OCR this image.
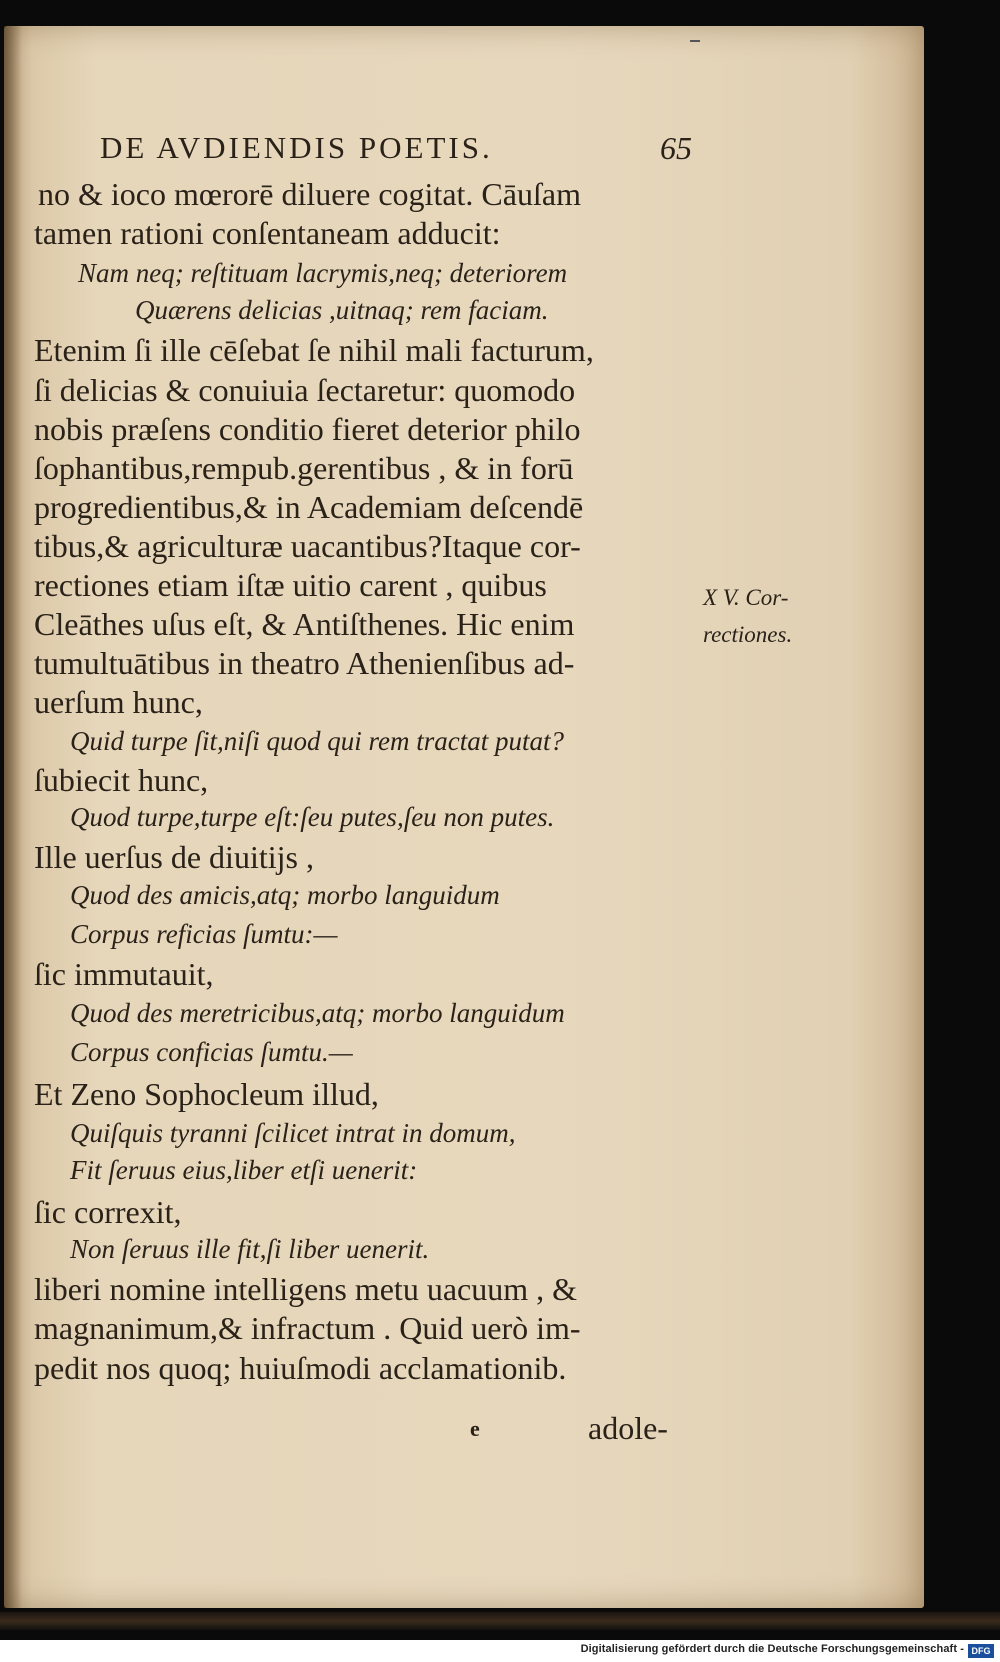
DE AVDIENDIS POETIS.	65
no & ioco mœrorē diluere cogitat. Cāuſam
tamen rationi conſentaneam adducit:
Nam neq; reſtituam lacrymis,neq; deteriorem
Quærens delicias ,uitnaq; rem faciam.
Etenim ſi ille cēſebat ſe nihil mali facturum,
ſi delicias & conuiuia ſectaretur: quomodo
nobis præſens conditio fieret deterior philo
ſophantibus,rempub.gerentibus , & in forū
progredientibus,& in Academiam deſcendē
tibus,& agriculturæ uacantibus?Itaque cor-
rectiones etiam iſtæ uitio carent , quibus
Cleāthes uſus eſt, & Antiſthenes. Hic enim
tumultuātibus in theatro Athenienſibus ad-
uerſum hunc,
Quid turpe ſit,niſi quod qui rem tractat putat?
ſubiecit hunc,
Quod turpe,turpe eſt:ſeu putes,ſeu non putes.
Ille uerſus de diuitijs ,
Quod des amicis,atq; morbo languidum
Corpus reficias ſumtu:—
ſic immutauit,
Quod des meretricibus,atq; morbo languidum
Corpus conficias ſumtu.—
Et Zeno Sophocleum illud,
Quiſquis tyranni ſcilicet intrat in domum,
Fit ſeruus eius,liber etſi uenerit:
ſic correxit,
Non ſeruus ille fit,ſi liber uenerit.
liberi nomine intelligens metu uacuum , &
magnanimum,& infractum . Quid uerò im-
pedit nos quoq; huiuſmodi acclamationib.
X V. Cor-
rectiones.
e	adole-
Digitalisierung gefördert durch die Deutsche Forschungsgemeinschaft - DFG
